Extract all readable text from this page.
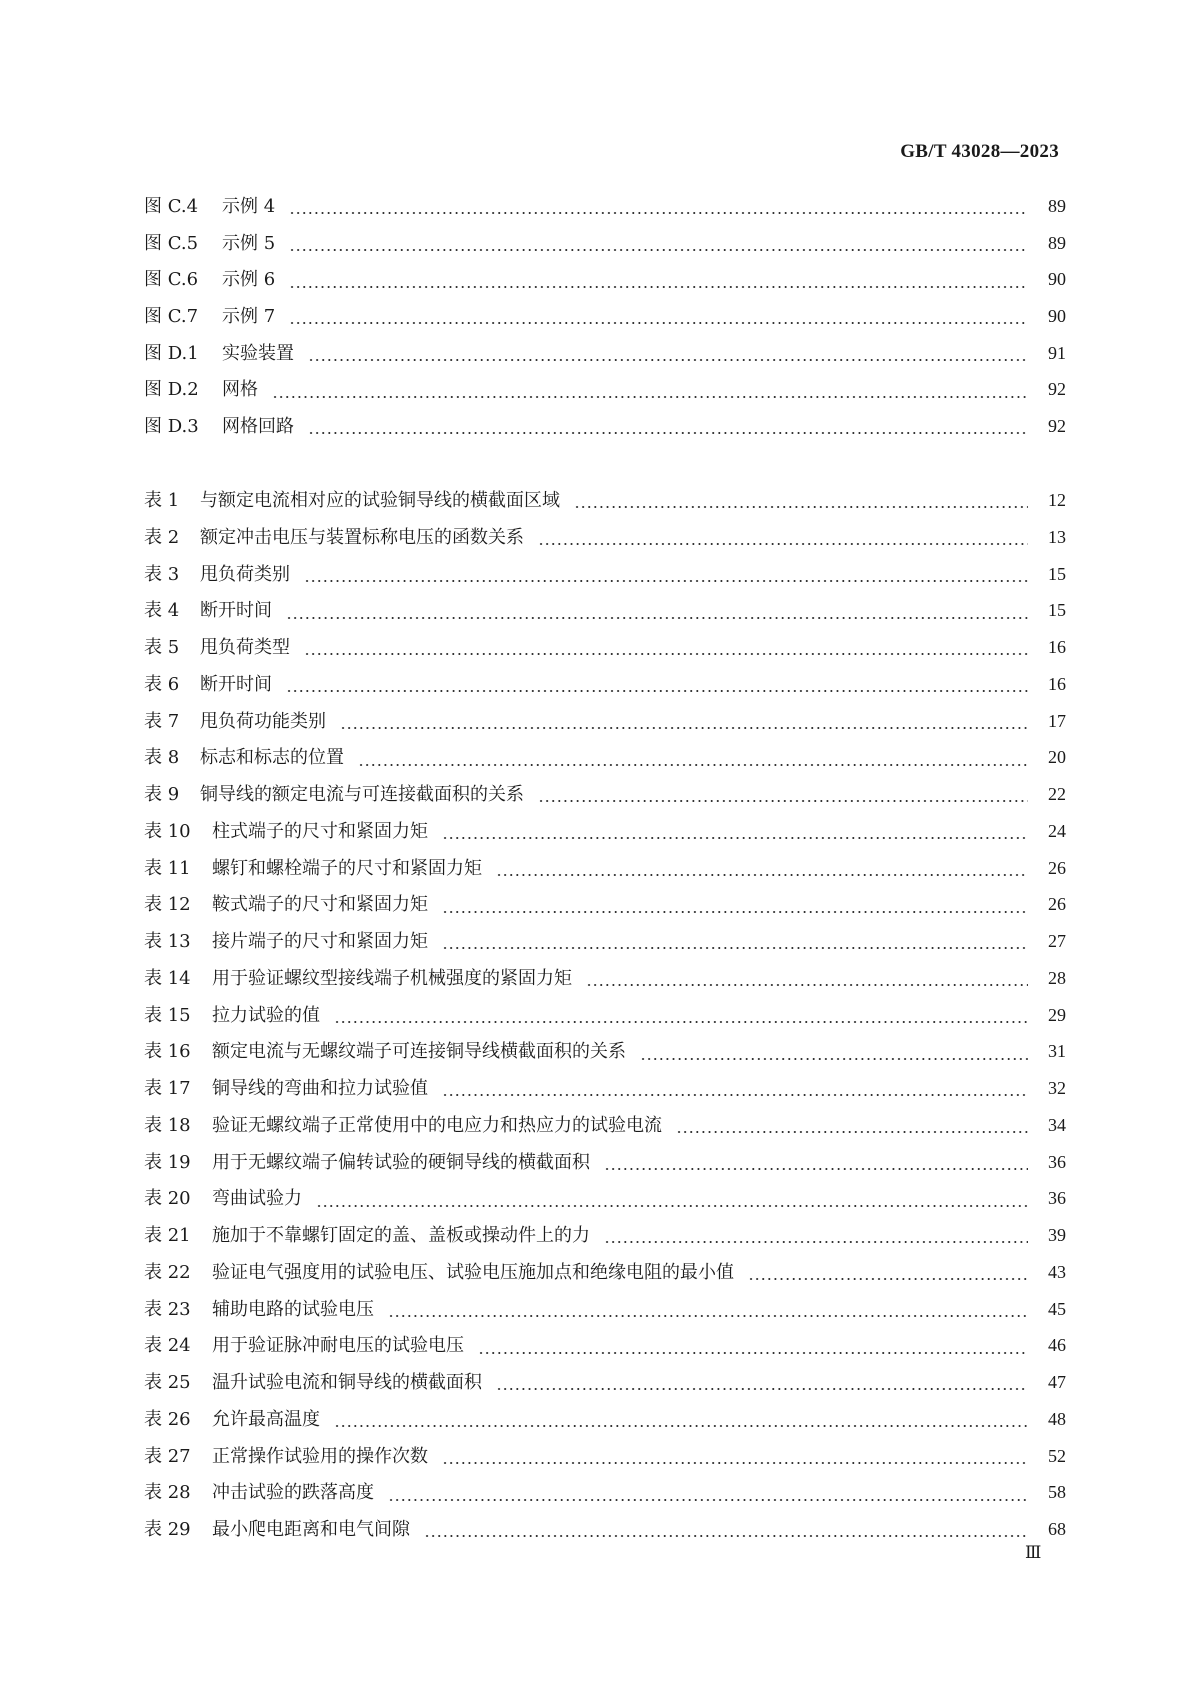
GB/T 43028—2023
图 C.4	示例 4	89
图 C.5	示例 5	89
图 C.6	示例 6	90
图 C.7	示例 7	90
图 D.1	实验装置	91
图 D.2	网格	92
图 D.3	网格回路	92
表 1	与额定电流相对应的试验铜导线的横截面区域	12
表 2	额定冲击电压与装置标称电压的函数关系	13
表 3	甩负荷类别	15
表 4	断开时间	15
表 5	甩负荷类型	16
表 6	断开时间	16
表 7	甩负荷功能类别	17
表 8	标志和标志的位置	20
表 9	铜导线的额定电流与可连接截面积的关系	22
表 10	柱式端子的尺寸和紧固力矩	24
表 11	螺钉和螺栓端子的尺寸和紧固力矩	26
表 12	鞍式端子的尺寸和紧固力矩	26
表 13	接片端子的尺寸和紧固力矩	27
表 14	用于验证螺纹型接线端子机械强度的紧固力矩	28
表 15	拉力试验的值	29
表 16	额定电流与无螺纹端子可连接铜导线横截面积的关系	31
表 17	铜导线的弯曲和拉力试验值	32
表 18	验证无螺纹端子正常使用中的电应力和热应力的试验电流	34
表 19	用于无螺纹端子偏转试验的硬铜导线的横截面积	36
表 20	弯曲试验力	36
表 21	施加于不靠螺钉固定的盖、盖板或操动件上的力	39
表 22	验证电气强度用的试验电压、试验电压施加点和绝缘电阻的最小值	43
表 23	辅助电路的试验电压	45
表 24	用于验证脉冲耐电压的试验电压	46
表 25	温升试验电流和铜导线的横截面积	47
表 26	允许最高温度	48
表 27	正常操作试验用的操作次数	52
表 28	冲击试验的跌落高度	58
表 29	最小爬电距离和电气间隙	68
Ⅲ
